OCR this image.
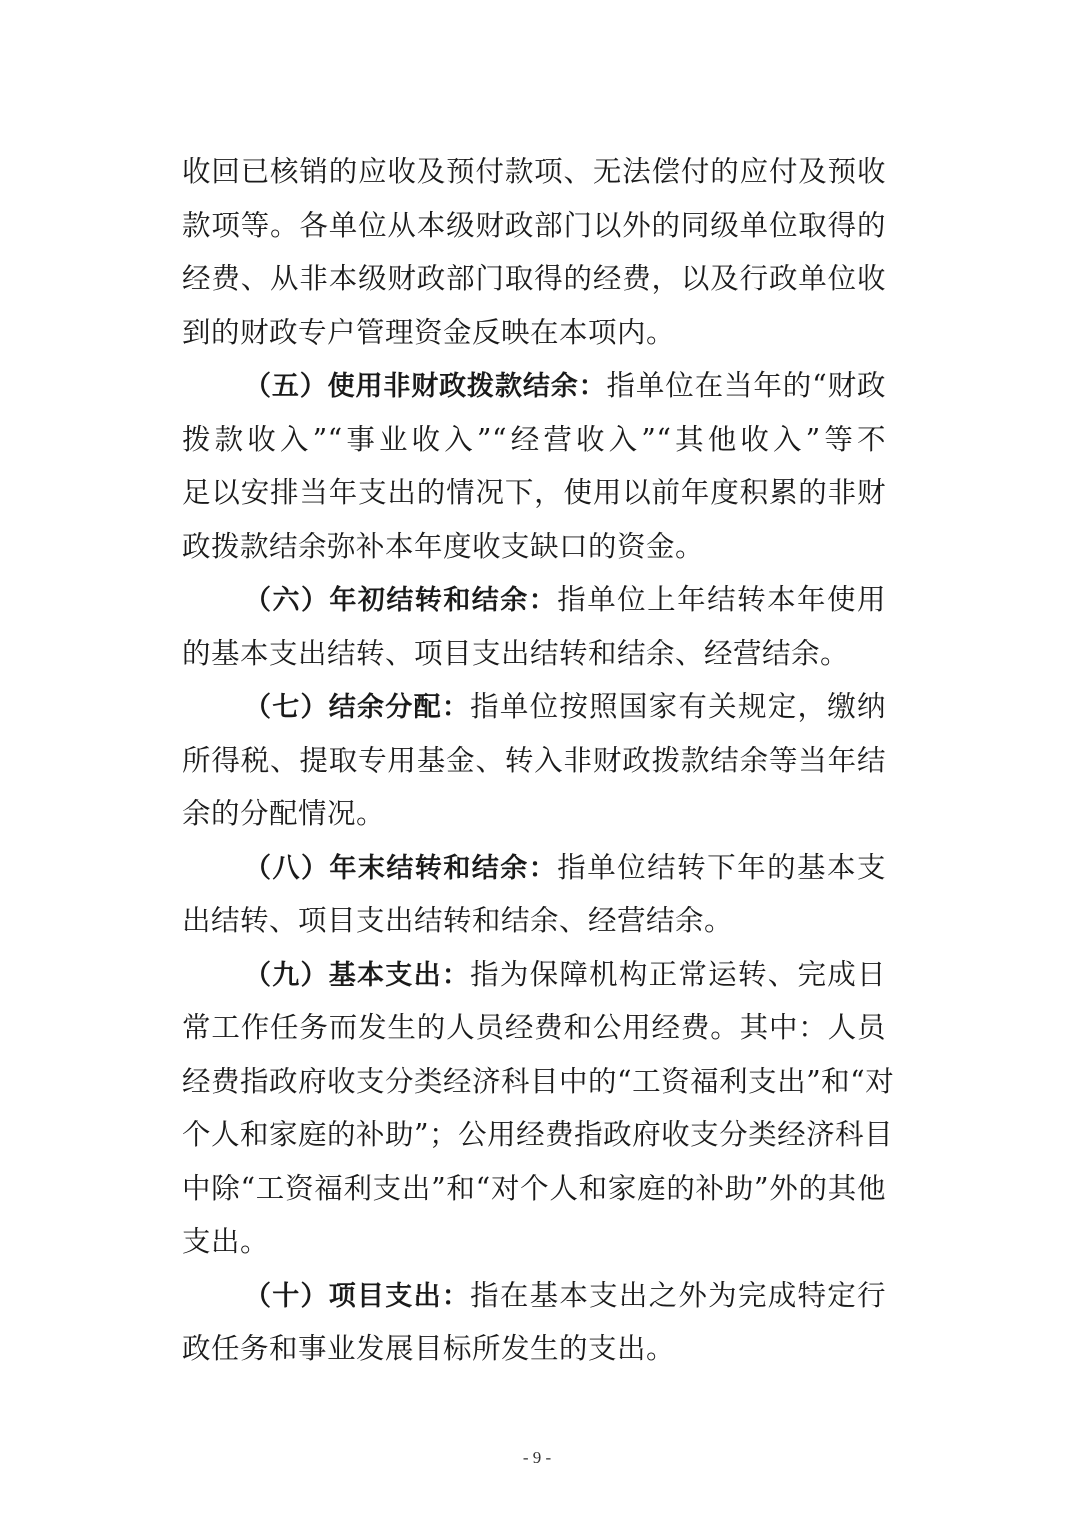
收回已核销的应收及预付款项、无法偿付的应付及预收
款项等。各单位从本级财政部门以外的同级单位取得的
经费、从非本级财政部门取得的经费，以及行政单位收
到的财政专户管理资金反映在本项内。
（五）使用非财政拨款结余：指单位在当年的“财政
拨款收入”“事业收入”“经营收入”“其他收入”等不
足以安排当年支出的情况下，使用以前年度积累的非财
政拨款结余弥补本年度收支缺口的资金。
（六）年初结转和结余：指单位上年结转本年使用
的基本支出结转、项目支出结转和结余、经营结余。
（七）结余分配：指单位按照国家有关规定，缴纳
所得税、提取专用基金、转入非财政拨款结余等当年结
余的分配情况。
（八）年末结转和结余：指单位结转下年的基本支
出结转、项目支出结转和结余、经营结余。
（九）基本支出：指为保障机构正常运转、完成日
常工作任务而发生的人员经费和公用经费。其中：人员
经费指政府收支分类经济科目中的“工资福利支出”和“对
个人和家庭的补助”；公用经费指政府收支分类经济科目
中除“工资福利支出”和“对个人和家庭的补助”外的其他
支出。
（十）项目支出：指在基本支出之外为完成特定行
政任务和事业发展目标所发生的支出。
- 9 -
